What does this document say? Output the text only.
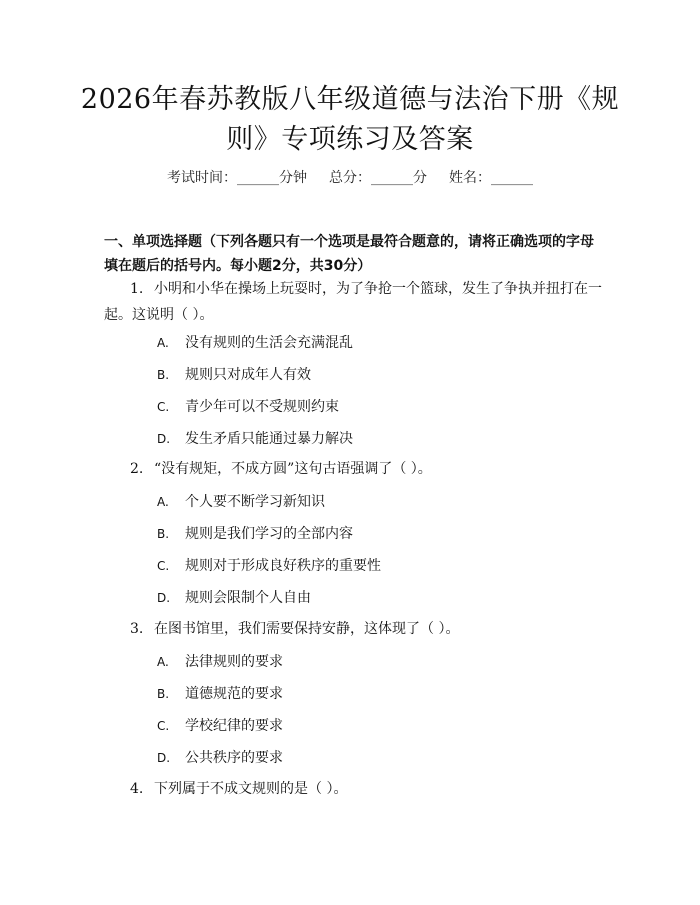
2026年春苏教版八年级道德与法治下册《规
则》专项练习及答案
考试时间：______分钟 总分：______分 姓名：______
一、单项选择题（下列各题只有一个选项是最符合题意的，请将正确选项的字母
填在题后的括号内。每小题2分，共30分）
1. 小明和小华在操场上玩耍时，为了争抢一个篮球，发生了争执并扭打在一
起。这说明（ ）。
A. 没有规则的生活会充满混乱
B. 规则只对成年人有效
C. 青少年可以不受规则约束
D. 发生矛盾只能通过暴力解决
2. “没有规矩，不成方圆”这句古语强调了（ ）。
A. 个人要不断学习新知识
B. 规则是我们学习的全部内容
C. 规则对于形成良好秩序的重要性
D. 规则会限制个人自由
3. 在图书馆里，我们需要保持安静，这体现了（ ）。
A. 法律规则的要求
B. 道德规范的要求
C. 学校纪律的要求
D. 公共秩序的要求
4. 下列属于不成文规则的是（ ）。
